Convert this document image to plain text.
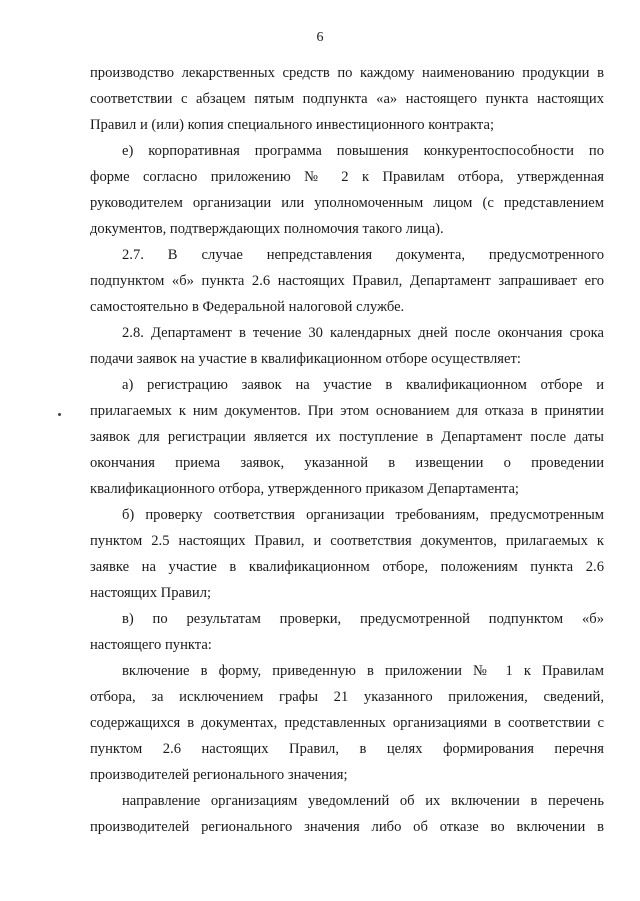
6
производство лекарственных средств по каждому наименованию продукции в
соответствии с абзацем пятым подпункта «а» настоящего пункта настоящих
Правил и (или) копия специального инвестиционного контракта;
е) корпоративная программа повышения конкурентоспособности по
форме согласно приложению № 2 к Правилам отбора, утвержденная
руководителем организации или уполномоченным лицом (с представлением
документов, подтверждающих полномочия такого лица).
2.7. В случае непредставления документа, предусмотренного
подпунктом «б» пункта 2.6 настоящих Правил, Департамент запрашивает его
самостоятельно в Федеральной налоговой службе.
2.8. Департамент в течение 30 календарных дней после окончания срока
подачи заявок на участие в квалификационном отборе осуществляет:
а) регистрацию заявок на участие в квалификационном отборе и
прилагаемых к ним документов. При этом основанием для отказа в принятии
заявок для регистрации является их поступление в Департамент после даты
окончания приема заявок, указанной в извещении о проведении
квалификационного отбора, утвержденного приказом Департамента;
б) проверку соответствия организации требованиям, предусмотренным
пунктом 2.5 настоящих Правил, и соответствия документов, прилагаемых к
заявке на участие в квалификационном отборе, положениям пункта 2.6
настоящих Правил;
в) по результатам проверки, предусмотренной подпунктом «б»
настоящего пункта:
включение в форму, приведенную в приложении № 1 к Правилам
отбора, за исключением графы 21 указанного приложения, сведений,
содержащихся в документах, представленных организациями в соответствии с
пунктом 2.6 настоящих Правил, в целях формирования перечня
производителей регионального значения;
направление организациям уведомлений об их включении в перечень
производителей регионального значения либо об отказе во включении в
